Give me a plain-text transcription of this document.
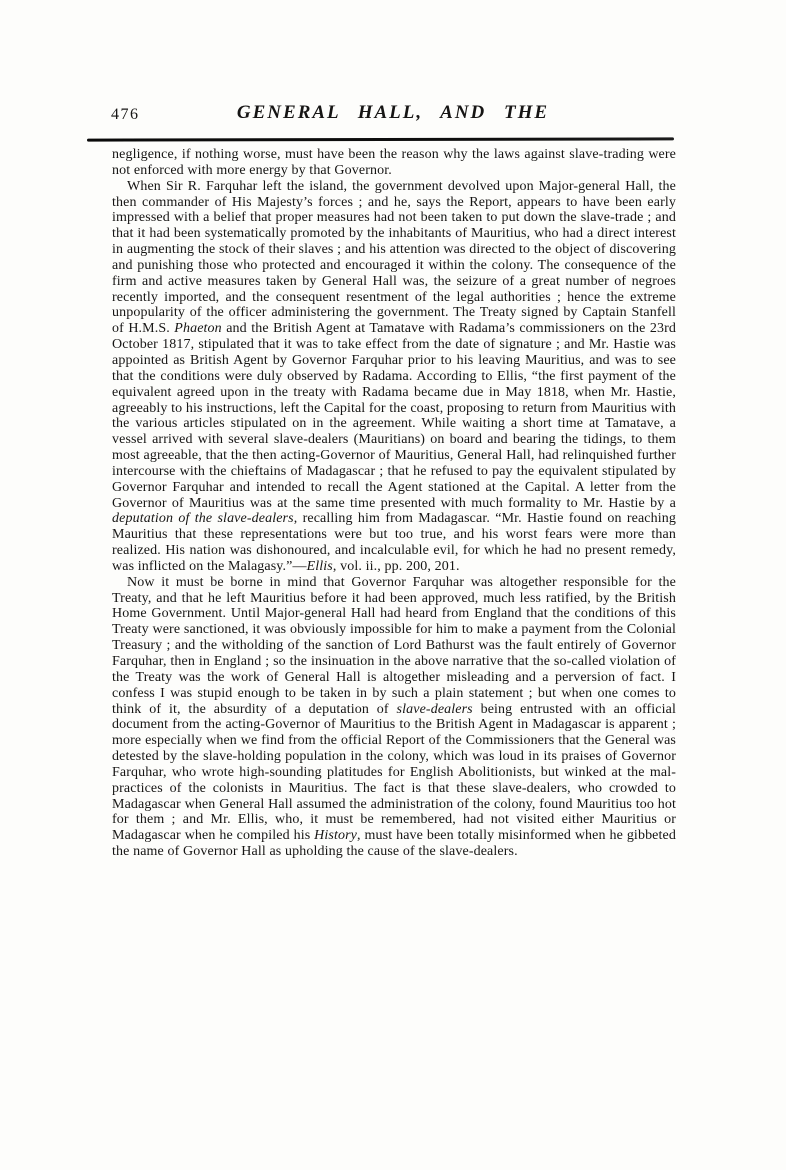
476	GENERAL HALL, AND THE

negligence, if nothing worse, must have been the reason why the laws against slave-trading were not enforced with more energy by that Governor.

When Sir R. Farquhar left the island, the government devolved upon Major-general Hall, the then commander of His Majesty’s forces ; and he, says the Report, appears to have been early impressed with a belief that proper measures had not been taken to put down the slave-trade ; and that it had been systematically promoted by the inhabitants of Mauritius, who had a direct interest in augmenting the stock of their slaves ; and his attention was directed to the object of discovering and punishing those who protected and encouraged it within the colony. The consequence of the firm and active measures taken by General Hall was, the seizure of a great number of negroes recently imported, and the consequent resentment of the legal authorities ; hence the extreme unpopularity of the officer administering the government. The Treaty signed by Captain Stanfell of H.M.S. Phaeton and the British Agent at Tamatave with Radama’s commissioners on the 23rd October 1817, stipulated that it was to take effect from the date of signature ; and Mr. Hastie was appointed as British Agent by Governor Farquhar prior to his leaving Mauritius, and was to see that the conditions were duly observed by Radama. According to Ellis, “the first payment of the equivalent agreed upon in the treaty with Radama became due in May 1818, when Mr. Hastie, agreeably to his instructions, left the Capital for the coast, proposing to return from Mauritius with the various articles stipulated on in the agreement. While waiting a short time at Tamatave, a vessel arrived with several slave-dealers (Mauritians) on board and bearing the tidings, to them most agreeable, that the then acting-Governor of Mauritius, General Hall, had relinquished further intercourse with the chieftains of Madagascar ; that he refused to pay the equivalent stipulated by Governor Farquhar and intended to recall the Agent stationed at the Capital. A letter from the Governor of Mauritius was at the same time presented with much formality to Mr. Hastie by a deputation of the slave-dealers, recalling him from Madagascar. “Mr. Hastie found on reaching Mauritius that these representations were but too true, and his worst fears were more than realized. His nation was dishonoured, and incalculable evil, for which he had no present remedy, was inflicted on the Malagasy.”—Ellis, vol. ii., pp. 200, 201.

Now it must be borne in mind that Governor Farquhar was altogether responsible for the Treaty, and that he left Mauritius before it had been approved, much less ratified, by the British Home Government. Until Major-general Hall had heard from England that the conditions of this Treaty were sanctioned, it was obviously impossible for him to make a payment from the Colonial Treasury ; and the witholding of the sanction of Lord Bathurst was the fault entirely of Governor Farquhar, then in England ; so the insinuation in the above narrative that the so-called violation of the Treaty was the work of General Hall is altogether misleading and a perversion of fact. I confess I was stupid enough to be taken in by such a plain statement ; but when one comes to think of it, the absurdity of a deputation of slave-dealers being entrusted with an official document from the acting-Governor of Mauritius to the British Agent in Madagascar is apparent ; more especially when we find from the official Report of the Commissioners that the General was detested by the slave-holding population in the colony, which was loud in its praises of Governor Farquhar, who wrote high-sounding platitudes for English Abolitionists, but winked at the mal-practices of the colonists in Mauritius. The fact is that these slave-dealers, who crowded to Madagascar when General Hall assumed the administration of the colony, found Mauritius too hot for them ; and Mr. Ellis, who, it must be remembered, had not visited either Mauritius or Madagascar when he compiled his History, must have been totally misinformed when he gibbeted the name of Governor Hall as upholding the cause of the slave-dealers.
